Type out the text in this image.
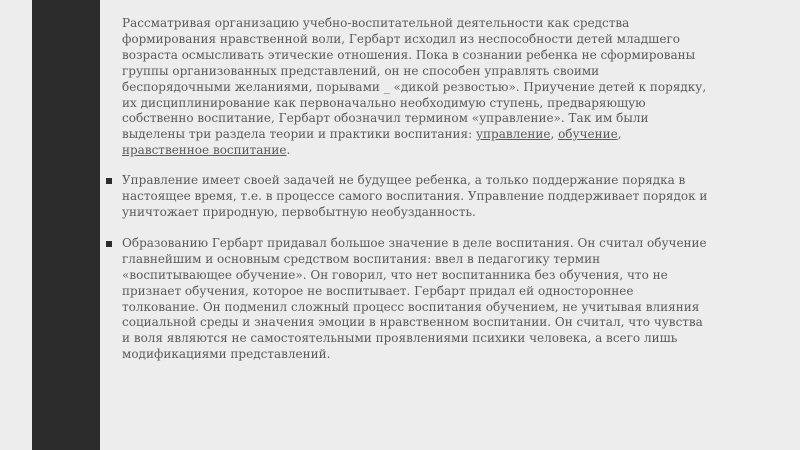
Рассматривая организацию учебно-воспитательной деятельности как средства формирования нравственной воли, Гербарт исходил из неспособности детей младшего возраста осмысливать этические отношения. Пока в сознании ребенка не сформированы группы организованных представлений, он не способен управлять своими беспорядочными желаниями, порывами _ «дикой резвостью». Приучение детей к порядку, их дисциплинирование как первоначально необходимую ступень, предваряющую собственно воспитание, Гербарт обозначил термином «управление». Так им были выделены три раздела теории и практики воспитания: управление, обучение, нравственное воспитание.

Управление имеет своей задачей не будущее ребенка, а только поддержание порядка в настоящее время, т.е. в процессе самого воспитания. Управление поддерживает порядок и уничтожает природную, первобытную необузданность.
Образованию Гербарт придавал большое значение в деле воспитания. Он считал обучение главнейшим и основным средством воспитания: ввел в педагогику термин «воспитывающее обучение». Он говорил, что нет воспитанника без обучения, что не признает обучения, которое не воспитывает. Гербарт придал ей одностороннее толкование. Он подменил сложный процесс воспитания обучением, не учитывая влияния социальной среды и значения эмоции в нравственном воспитании. Он считал, что чувства и воля являются не самостоятельными проявлениями психики человека, а всего лишь модификациями представлений.
